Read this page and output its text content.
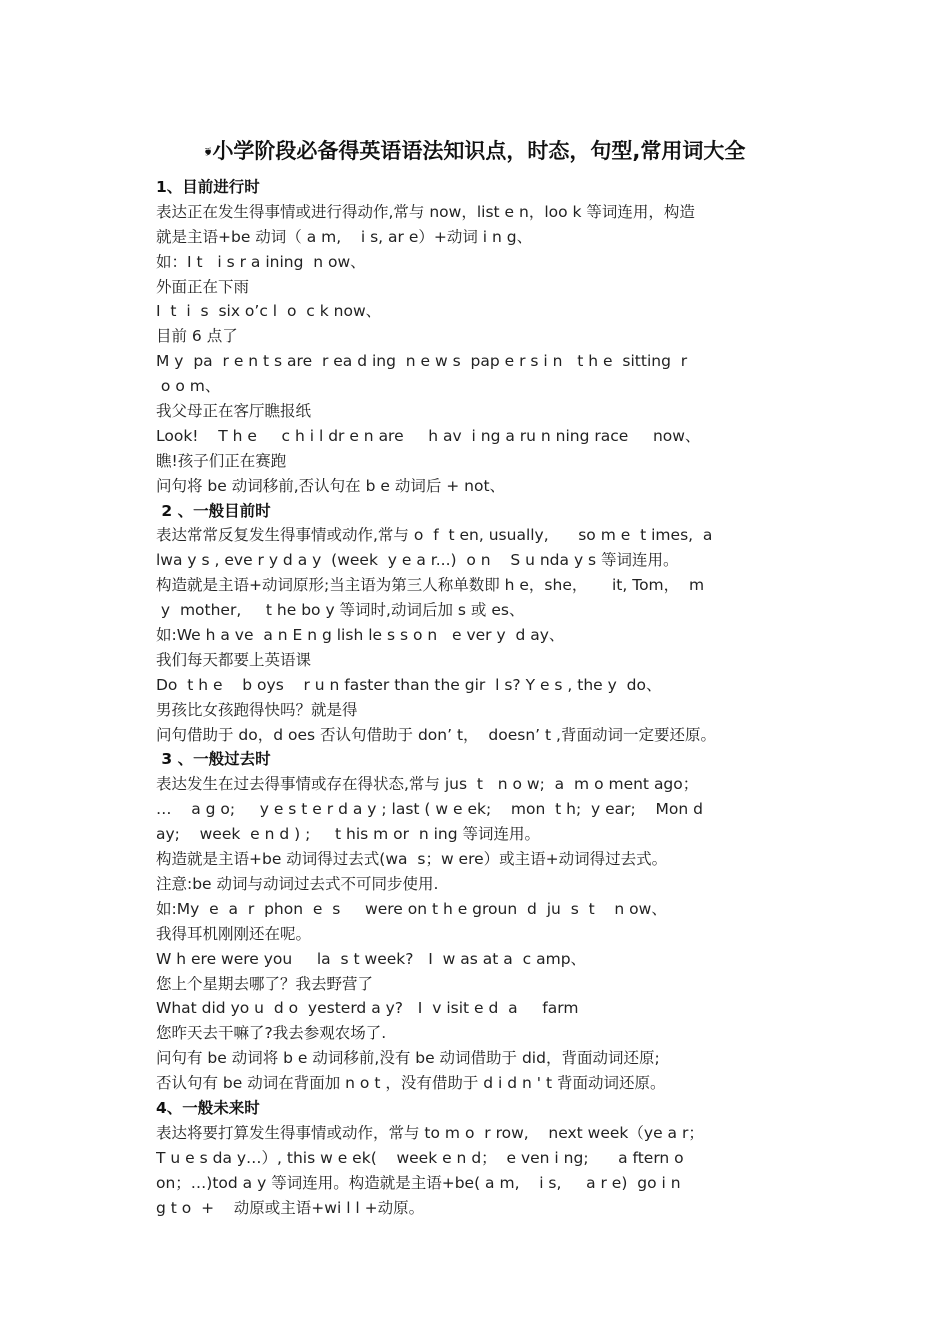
🙘小学阶段必备得英语语法知识点，时态，句型,常用词大全
1、目前进行时
表达正在发生得事情或进行得动作,常与 now，list e n，loo k 等词连用，构造
就是主语+be 动词（ a m,    i s, ar e）+动词 i n g、
如：I t   i s r a ining  n ow、
外面正在下雨
I  t  i  s  six o’c l  o  c k now、
目前 6 点了
M y  pa  r e n t s are  r ea d ing  n e w s  pap e r s i n   t h e  sitting  r
o o m、
我父母正在客厅瞧报纸
Look!    T h e     c h i l dr e n are     h av  i ng a ru n ning race     now、
瞧!孩子们正在赛跑
问句将 be 动词移前,否认句在 b e 动词后 + not、
2 、一般目前时
表达常常反复发生得事情或动作,常与 o  f  t en, usually,      so m e  t imes,  a
lwa y s , eve r y d a y  (week  y e a r...)  o n    S u nda y s 等词连用。
构造就是主语+动词原形;当主语为第三人称单数即 h e，she，     it, Tom，  m
y  mother,     t he bo y 等词时,动词后加 s 或 es、
如:We h a ve  a n E n g lish le s s o n   e ver y  d ay、
我们每天都要上英语课
Do  t h e    b oys    r u n faster than the gir  l s? Y e s , the y  do、
男孩比女孩跑得快吗？就是得
问句借助于 do，d oes 否认句借助于 don’ t，  doesn’ t ,背面动词一定要还原。
3 、一般过去时
表达发生在过去得事情或存在得状态,常与 jus  t   n o w;  a  m o ment ago；
…    a g o;     y e s t e r d a y ; last ( w e ek;    mon  t h;  y ear;    Mon d
ay;    week  e n d ) ;     t his m or  n ing 等词连用。
构造就是主语+be 动词得过去式(wa  s；w ere）或主语+动词得过去式。
注意:be 动词与动词过去式不可同步使用.
如:My  e  a  r  phon  e  s     were on t h e groun  d  ju  s  t    n ow、
我得耳机刚刚还在呢。
W h ere were you     la  s t week?   I  w as at a  c amp、
您上个星期去哪了？我去野营了
What did yo u  d o  yesterd a y?   I  v isit e d  a     farm
您昨天去干嘛了?我去参观农场了.
问句有 be 动词将 b e 动词移前,没有 be 动词借助于 did，背面动词还原;
否认句有 be 动词在背面加 n o t ，没有借助于 d i d n ' t 背面动词还原。
4、一般未来时
表达将要打算发生得事情或动作，常与 to m o  r row,    next week（ye a r；
T u e s da y…）, this w e ek(    week e n d；  e ven i ng;      a ftern o
on；…)tod a y 等词连用。构造就是主语+be( a m,    i s,     a r e)  go i n
g t o  +    动原或主语+wi l l +动原。
